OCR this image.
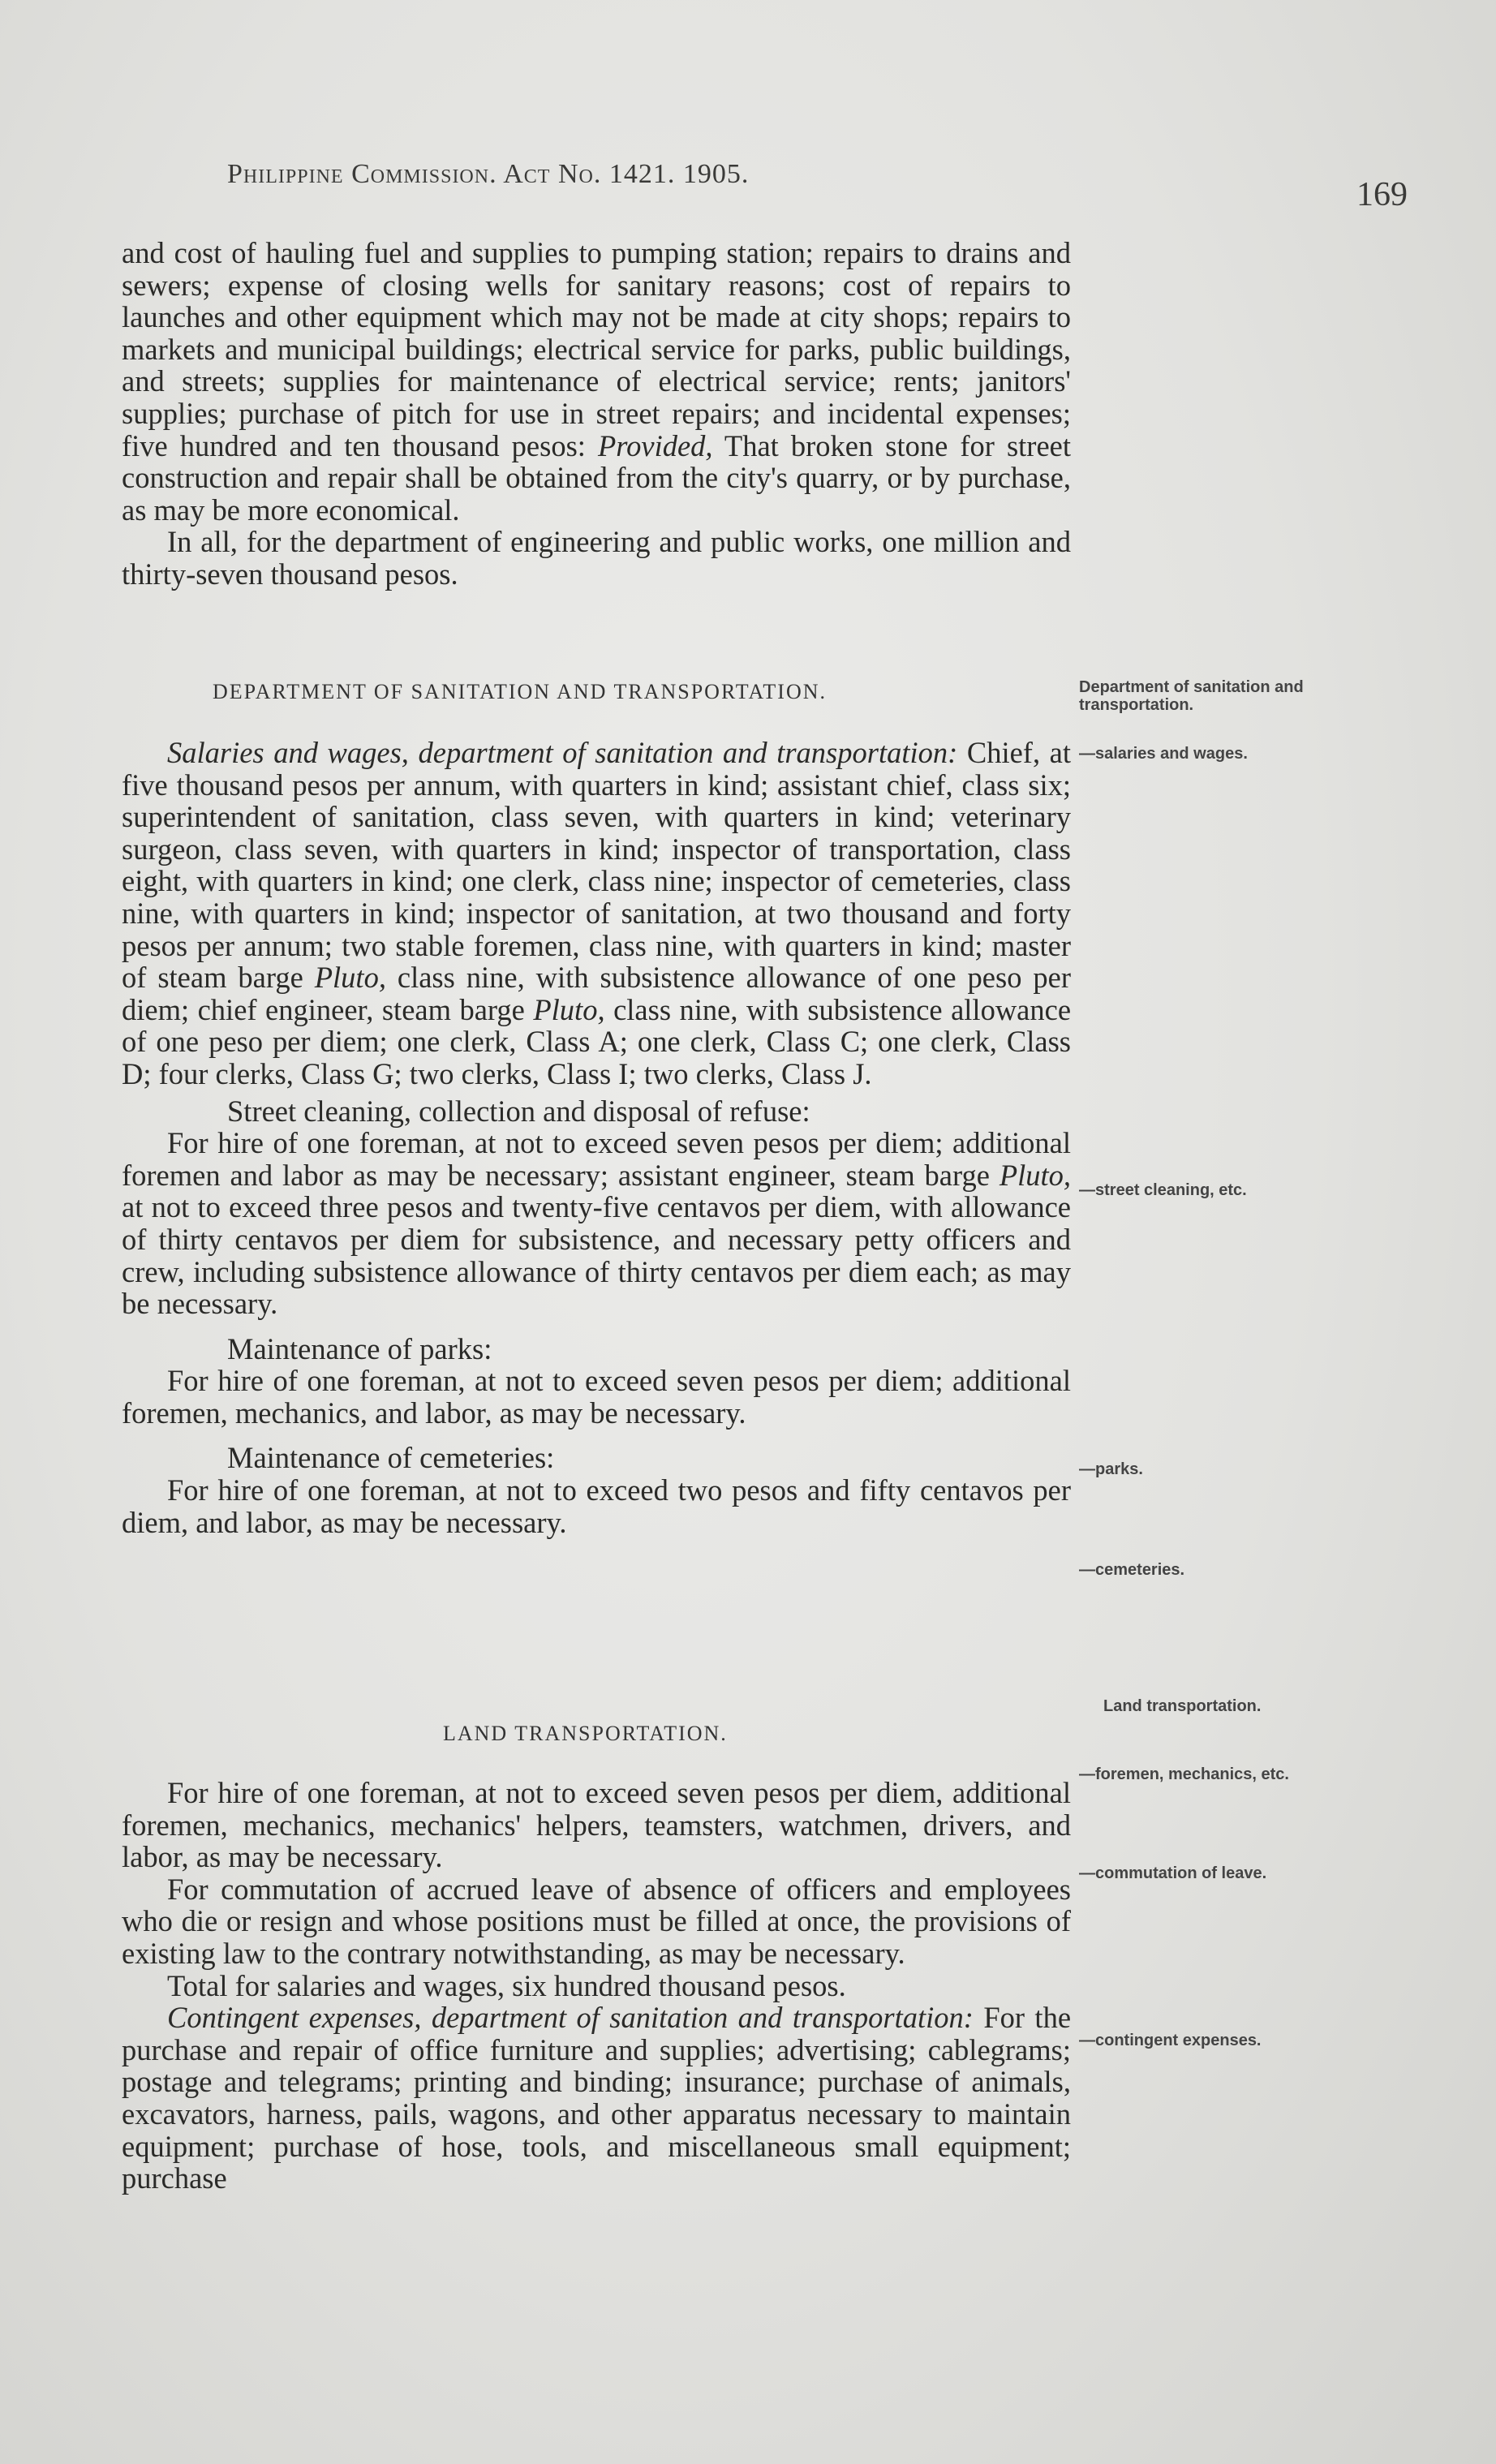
Philippine Commission. Act No. 1421. 1905.
169

and cost of hauling fuel and supplies to pumping station; repairs to drains and sewers; expense of closing wells for sanitary reasons; cost of repairs to launches and other equipment which may not be made at city shops; repairs to markets and municipal buildings; electrical service for parks, public buildings, and streets; supplies for maintenance of electrical service; rents; janitors' supplies; purchase of pitch for use in street repairs; and incidental expenses; five hundred and ten thousand pesos: Provided, That broken stone for street construction and repair shall be obtained from the city's quarry, or by purchase, as may be more economical.

In all, for the department of engineering and public works, one million and thirty-seven thousand pesos.

DEPARTMENT OF SANITATION AND TRANSPORTATION.

Salaries and wages, department of sanitation and transportation: Chief, at five thousand pesos per annum, with quarters in kind; assistant chief, class six; superintendent of sanitation, class seven, with quarters in kind; veterinary surgeon, class seven, with quarters in kind; inspector of transportation, class eight, with quarters in kind; one clerk, class nine; inspector of cemeteries, class nine, with quarters in kind; inspector of sanitation, at two thousand and forty pesos per annum; two stable foremen, class nine, with quarters in kind; master of steam barge Pluto, class nine, with subsistence allowance of one peso per diem; chief engineer, steam barge Pluto, class nine, with subsistence allowance of one peso per diem; one clerk, Class A; one clerk, Class C; one clerk, Class D; four clerks, Class G; two clerks, Class I; two clerks, Class J.

Street cleaning, collection and disposal of refuse:

For hire of one foreman, at not to exceed seven pesos per diem; additional foremen and labor as may be necessary; assistant engineer, steam barge Pluto, at not to exceed three pesos and twenty-five centavos per diem, with allowance of thirty centavos per diem for subsistence, and necessary petty officers and crew, including subsistence allowance of thirty centavos per diem each; as may be necessary.

Maintenance of parks:

For hire of one foreman, at not to exceed seven pesos per diem; additional foremen, mechanics, and labor, as may be necessary.

Maintenance of cemeteries:

For hire of one foreman, at not to exceed two pesos and fifty centavos per diem, and labor, as may be necessary.

LAND TRANSPORTATION.

For hire of one foreman, at not to exceed seven pesos per diem, additional foremen, mechanics, mechanics' helpers, teamsters, watchmen, drivers, and labor, as may be necessary.

For commutation of accrued leave of absence of officers and employees who die or resign and whose positions must be filled at once, the provisions of existing law to the contrary notwithstanding, as may be necessary.

Total for salaries and wages, six hundred thousand pesos.

Contingent expenses, department of sanitation and transportation: For the purchase and repair of office furniture and supplies; advertising; cablegrams; postage and telegrams; printing and binding; insurance; purchase of animals, excavators, harness, pails, wagons, and other apparatus necessary to maintain equipment; purchase of hose, tools, and miscellaneous small equipment; purchase

Department of sanitation and transportation.
—salaries and wages.
—street cleaning, etc.
—parks.
—cemeteries.
Land transportation.
—foremen, mechanics, etc.
—commutation of leave.
—contingent expenses.
